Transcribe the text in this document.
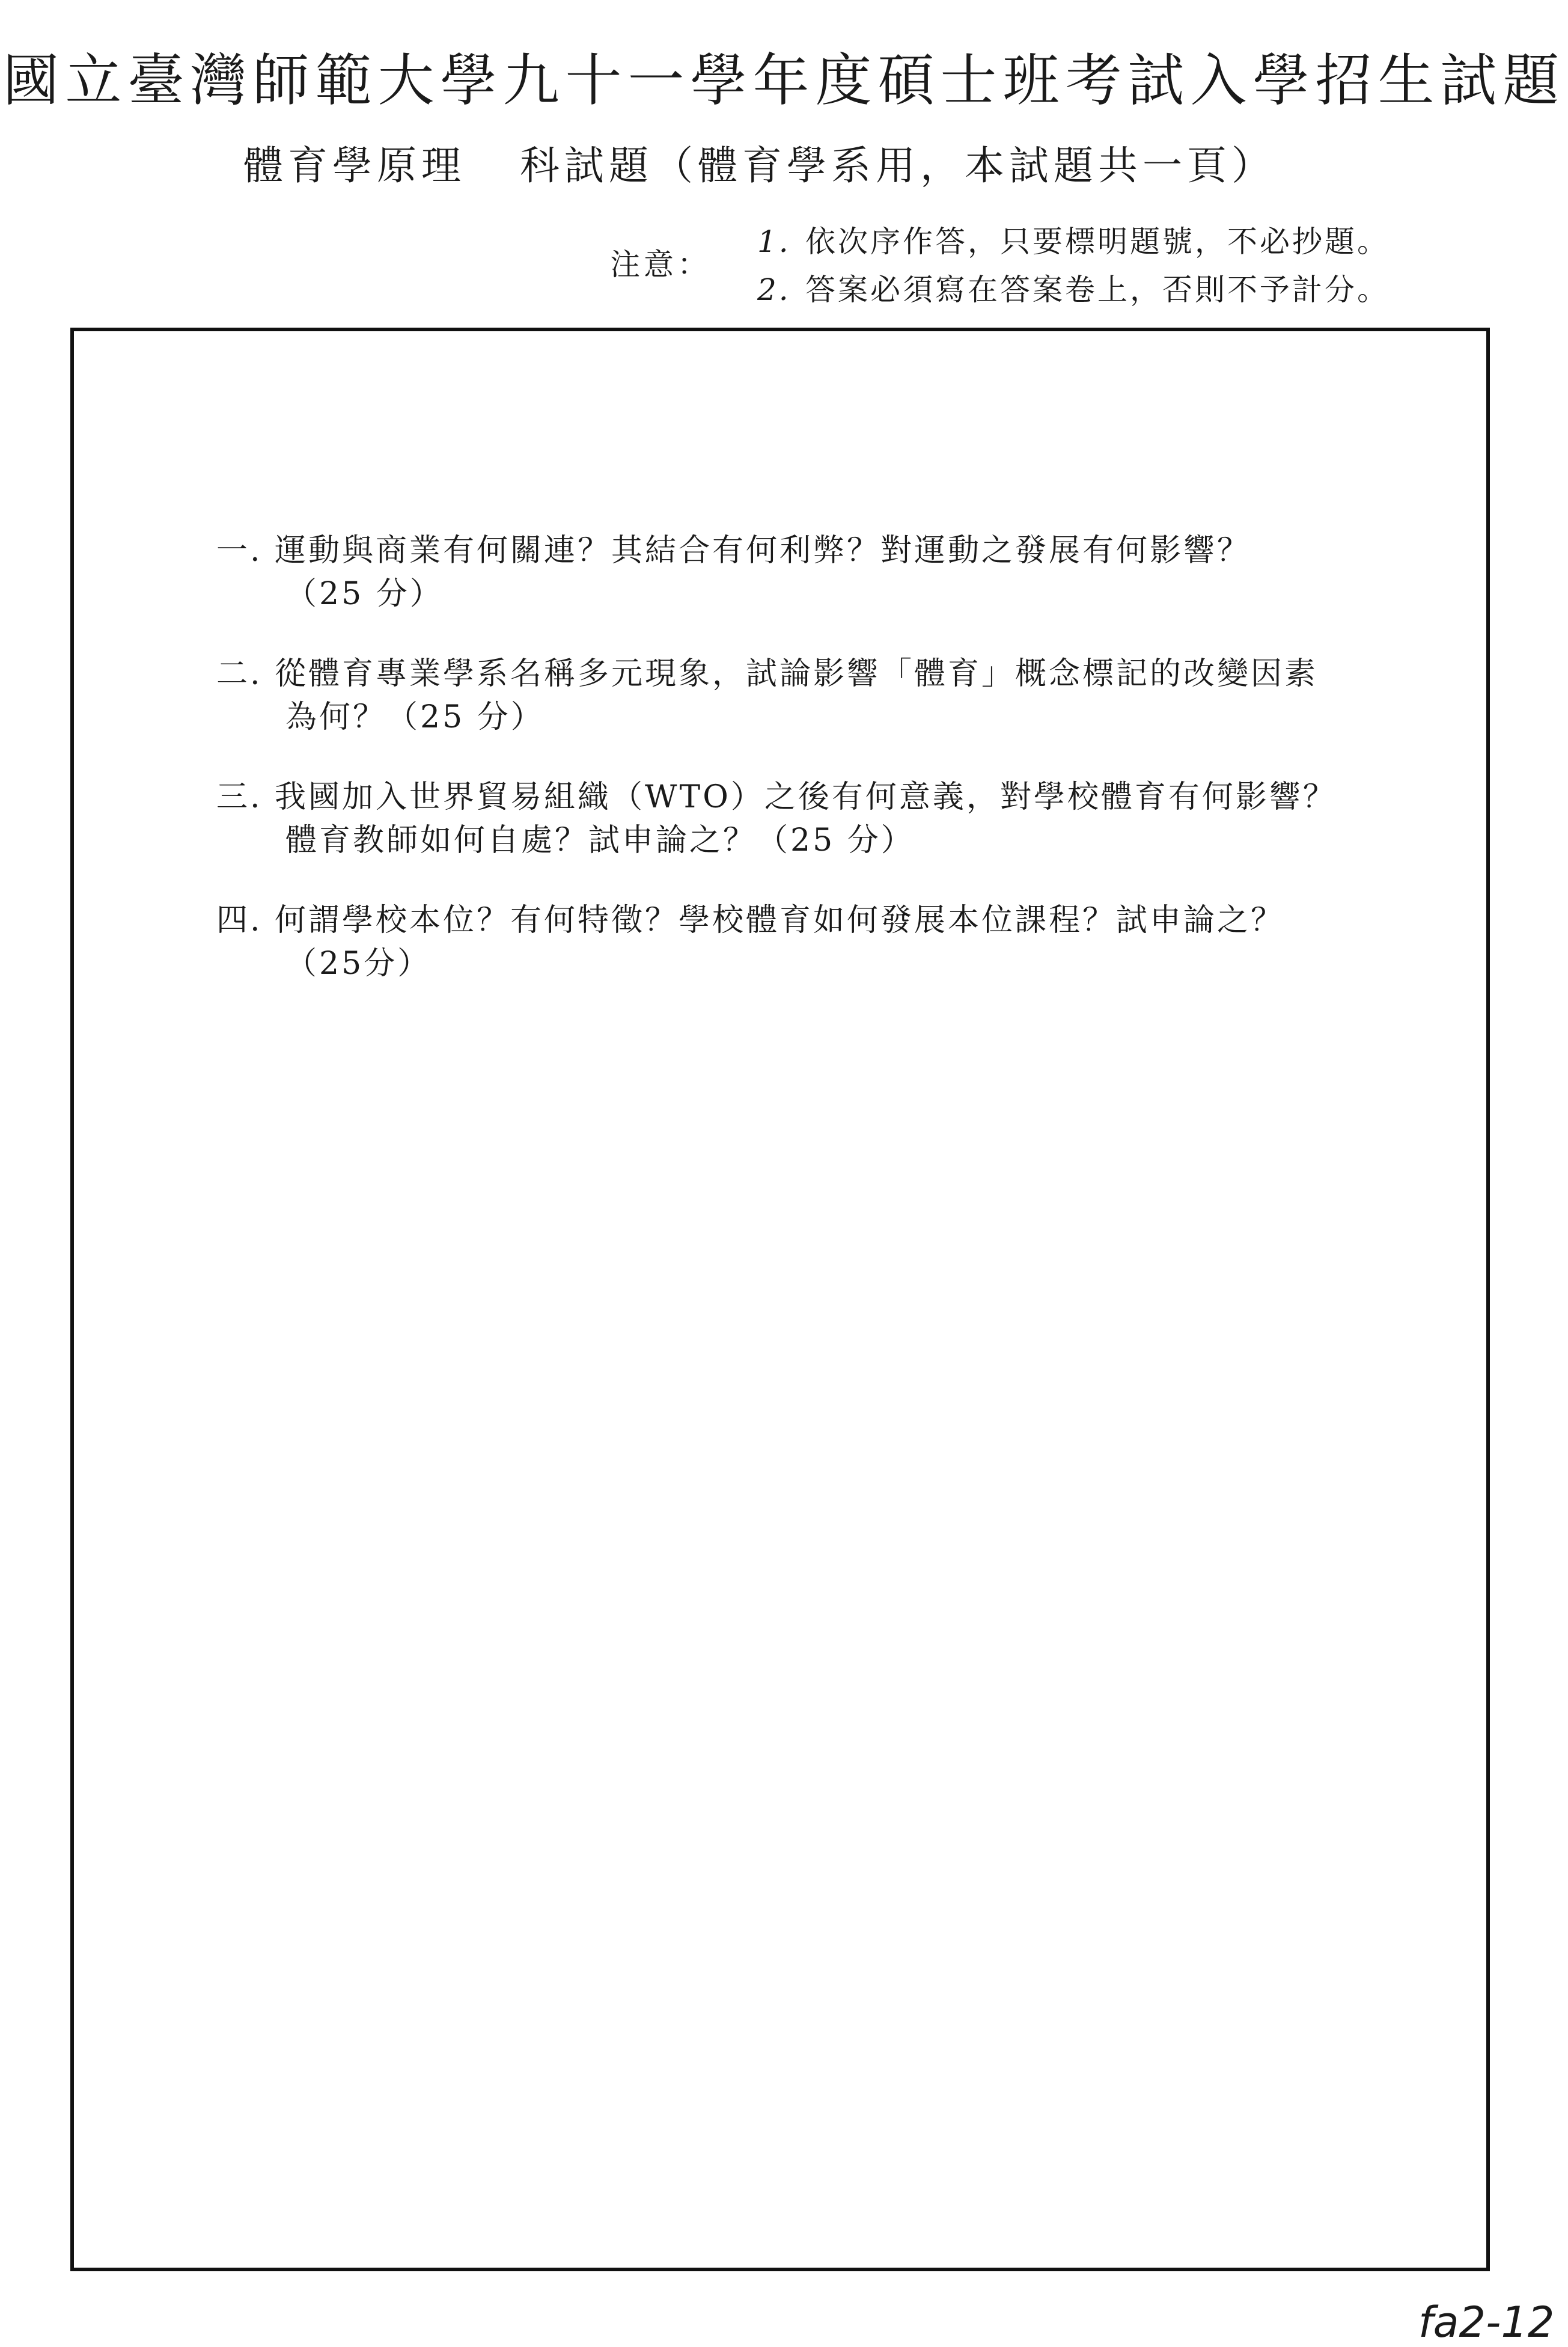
國立臺灣師範大學九十一學年度碩士班考試入學招生試題
體育學原理 科試題（體育學系用，本試題共一頁）
注意：
1. 依次序作答，只要標明題號，不必抄題。
2. 答案必須寫在答案卷上，否則不予計分。
一. 運動與商業有何關連？其結合有何利弊？對運動之發展有何影響？
（25 分）
二. 從體育專業學系名稱多元現象，試論影響「體育」概念標記的改變因素
為何？（25 分）
三. 我國加入世界貿易組織（WTO）之後有何意義，對學校體育有何影響？
體育教師如何自處？試申論之？（25 分）
四. 何謂學校本位？有何特徵？學校體育如何發展本位課程？試申論之？
（25分）
fa2-12
